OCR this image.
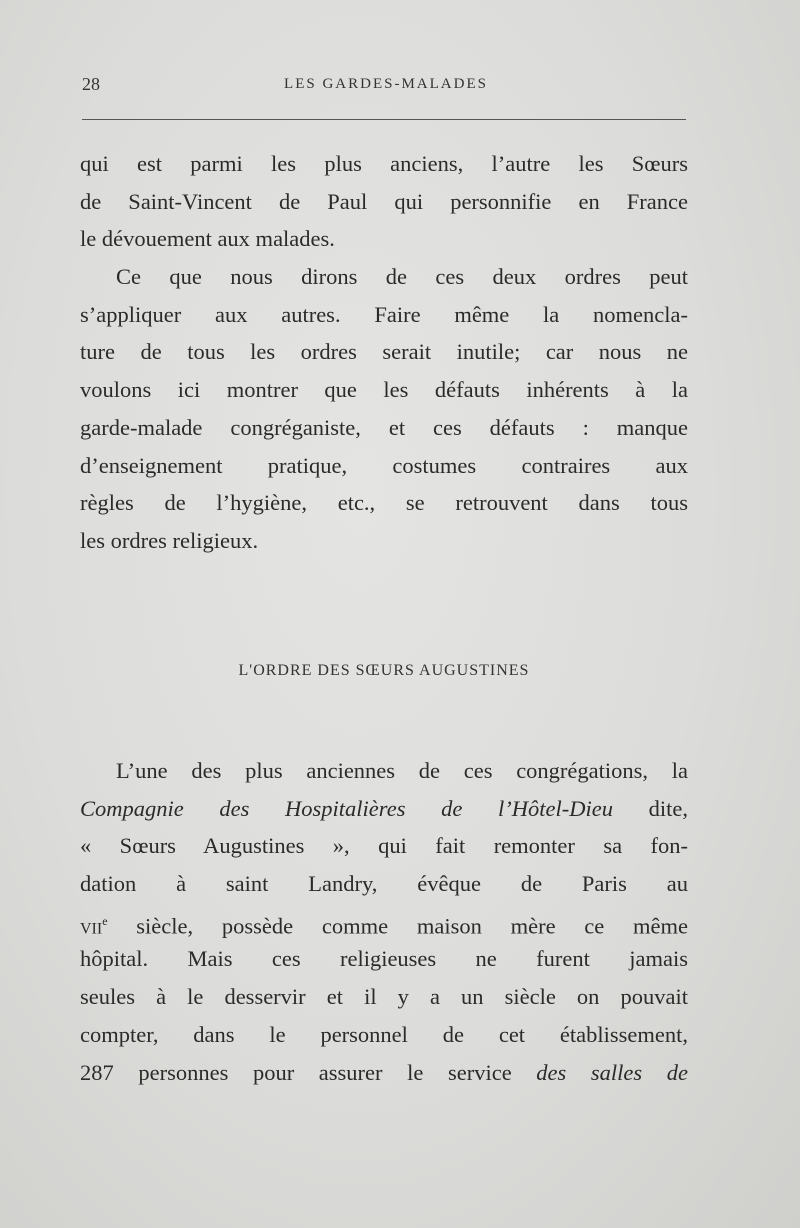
28	LES GARDES-MALADES
qui est parmi les plus anciens, l’autre les Sœurs
de Saint-Vincent de Paul qui personnifie en France
le dévouement aux malades.
Ce que nous dirons de ces deux ordres peut
s’appliquer aux autres. Faire même la nomencla-
ture de tous les ordres serait inutile; car nous ne
voulons ici montrer que les défauts inhérents à la
garde-malade congréganiste, et ces défauts : manque
d’enseignement pratique, costumes contraires aux
règles de l’hygiène, etc., se retrouvent dans tous
les ordres religieux.
L'ORDRE DES SŒURS AUGUSTINES
L’une des plus anciennes de ces congrégations, la
Compagnie des Hospitalières de l’Hôtel-Dieu dite,
« Sœurs Augustines », qui fait remonter sa fon-
dation à saint Landry, évêque de Paris au
vii$^e$ siècle, possède comme maison mère ce même
hôpital. Mais ces religieuses ne furent jamais
seules à le desservir et il y a un siècle on pouvait
compter, dans le personnel de cet établissement,
287 personnes pour assurer le service des salles de
